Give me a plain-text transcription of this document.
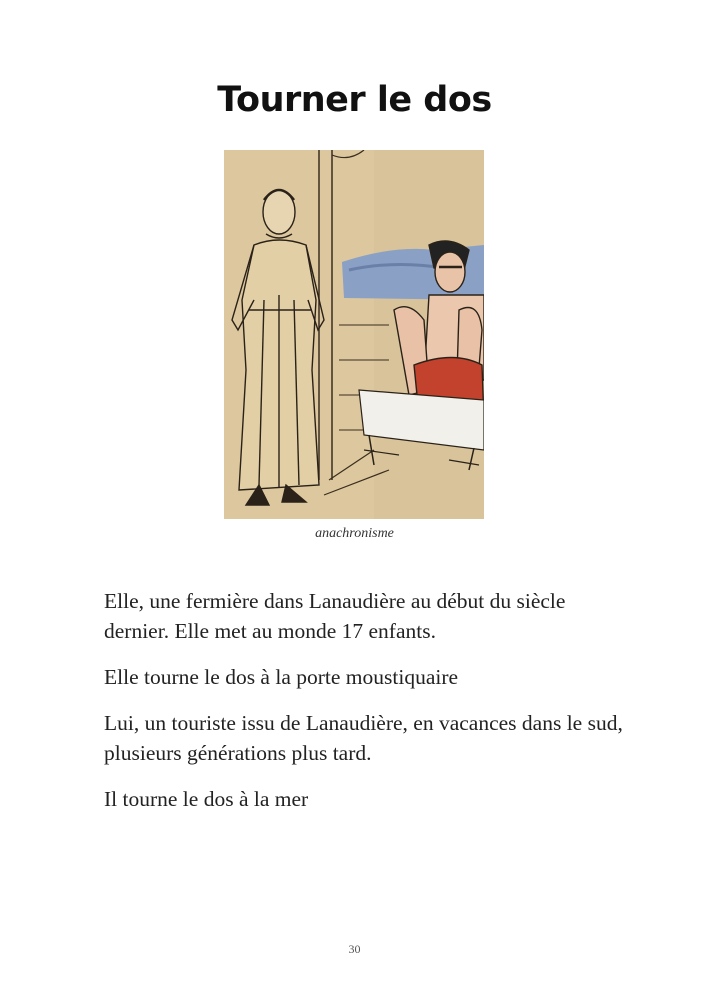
Tourner le dos
anachronisme

Elle, une fermière dans Lanaudière au début du siècle dernier. Elle met au monde 17 enfants.

Elle tourne le dos à la porte moustiquaire

Lui, un touriste issu de Lanaudière, en vacances dans le sud, plusieurs générations plus tard.

Il tourne le dos à la mer

30
